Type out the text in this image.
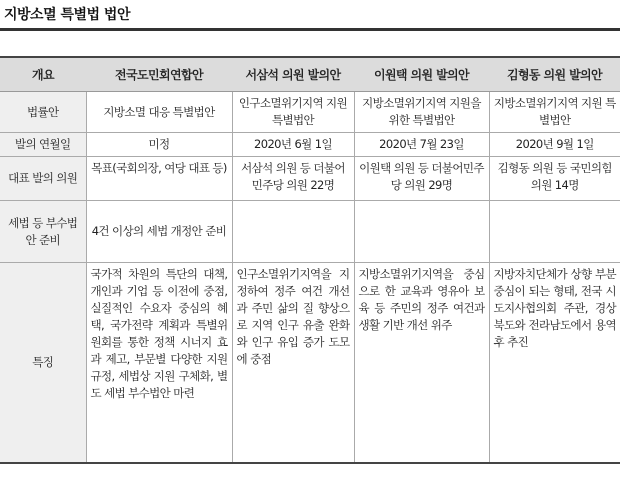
지방소멸 특별법 법안
개요	전국도민회연합안	서삼석 의원 발의안	이원택 의원 발의안	김형동 의원 발의안
법률안	지방소멸 대응 특별법안	인구소멸위기지역 지원 특별법안	지방소멸위기지역 지원을 위한 특별법안	지방소멸위기지역 지원 특별법안
발의 연월일	미정	2020년 6월 1일	2020년 7월 23일	2020년 9월 1일
대표 발의 의원	목표(국회의장, 여당 대표 등)	서삼석 의원 등 더불어민주당 의원 22명	이원택 의원 등 더불어민주당 의원 29명	김형동 의원 등 국민의힘 의원 14명
세법 등 부수법안 준비	4건 이상의 세법 개정안 준비			
특징	국가적 차원의 특단의 대책, 개인과 기업 등 이전에 중점, 실질적인 수요자 중심의 혜택, 국가전략 계획과 특별위원회를 통한 정책 시너지 효과 제고, 부문별 다양한 지원 규정, 세법상 지원 구체화, 별도 세법 부수법안 마련	인구소멸위기지역을 지정하여 정주 여건 개선과 주민 삶의 질 향상으로 지역 인구 유출 완화와 인구 유입 증가 도모에 중점	지방소멸위기지역을 중심으로 한 교육과 영유아 보육 등 주민의 정주 여건과 생활 기반 개선 위주	지방자치단체가 상향 부분 중심이 되는 형태, 전국 시도지사협의회 주관, 경상북도와 전라남도에서 용역 후 추진
